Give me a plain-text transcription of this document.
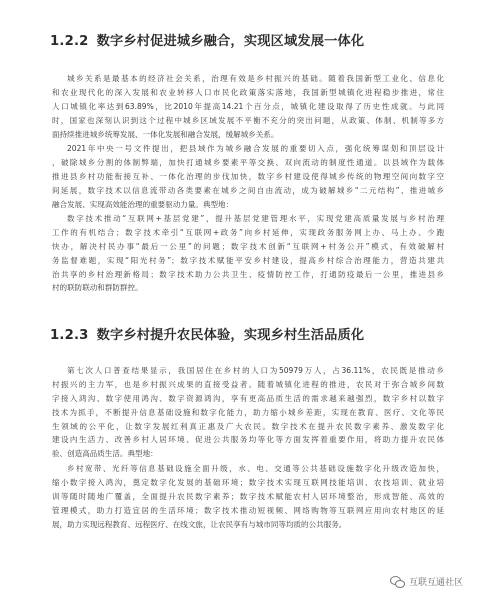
1.2.2 数字乡村促进城乡融合，实现区域发展一体化
城乡关系是最基本的经济社会关系，治理有效是乡村振兴的基础。随着我国新型工业化、信息化
和农业现代化的深入发展和农业转移人口市民化政策落实落地，我国新型城镇化进程稳步推进，常住
人口城镇化率达到63.89%，比2010年提高14.21个百分点，城镇化建设取得了历史性成就。与此同
时，国家也深刻认识到这个过程中城乡区域发展不平衡不充分的突出问题，从政策、体制、机制等多方
面持续推进城乡统筹发展、一体化发展和融合发展，缓解城乡关系。
2021年中央一号文件提出，把县域作为城乡融合发展的重要切入点，强化统筹谋划和顶层设计
，破除城乡分割的体制弊端，加快打通城乡要素平等交换、双向流动的制度性通道。以县域作为载体
推进县乡村功能衔接互补、一体化治理的步伐加快，数字乡村建设使得城乡传统的物理空间向数字空
间延展，数字技术以信息流带动各类要素在城乡之间自由流动，成为破解城乡“二元结构”、推进城乡
融合发展、实现高效能治理的重要驱动力量。典型地：
数字技术推动“互联网+基层党建”，提升基层党建管理水平，实现党建高质量发展与乡村治理
工作的有机结合；数字技术牵引“互联网+政务”向乡村延伸，实现政务服务网上办、马上办、少跑
快办，解决村民办事“最后一公里”的问题；数字技术创新“互联网+村务公开”模式，有效破解村
务监督难题，实现“阳光村务”；数字技术赋能平安乡村建设，提高乡村综合治理能力，营造共建共
治共享的乡村治理新格局；数字技术助力公共卫生、疫情防控工作，打通防疫最后一公里，推进县乡
村的联防联动和群防群控。
1.2.3 数字乡村提升农民体验，实现乡村生活品质化
第七次人口普查结果显示，我国居住在乡村的人口为50979万人，占36.11%，农民既是推动乡
村振兴的主力军，也是乡村振兴成果的直接受益者。随着城镇化进程的推进，农民对于弥合城乡间数
字接入鸿沟、数字使用鸿沟、数字资源鸿沟，享有更高品质生活的需求越来越强烈，数字乡村以数字
技术为抓手，不断提升信息基础设施和数字化能力，助力缩小城乡差距，实现在教育、医疗、文化等民
生领域的公平化，让数字发展红利真正惠及广大农民。数字技术在提升农民数字素养、激发数字化
建设内生活力、改善乡村人居环境、促进公共服务均等化等方面发挥着重要作用，将助力提升农民体
验、创造高品质生活。典型地：
乡村宽带、光纤等信息基础设施全面升级，水、电、交通等公共基础设施数字化升级改造加快，
缩小数字接入鸿沟，奠定数字化发展的基础环境；数字技术实现互联网技能培训、农技培训、就业培
训等随时随地广覆盖，全面提升农民数字素养；数字技术赋能农村人居环境整治，形成智能、高效的
管理模式，助力打造宜居的生活环境；数字技术推动短视频、网络购物等互联网应用向农村地区的延
展，助力实现远程教育、远程医疗、在线文旅，让农民享有与城市同等均质的公共服务。
互联互通社区
